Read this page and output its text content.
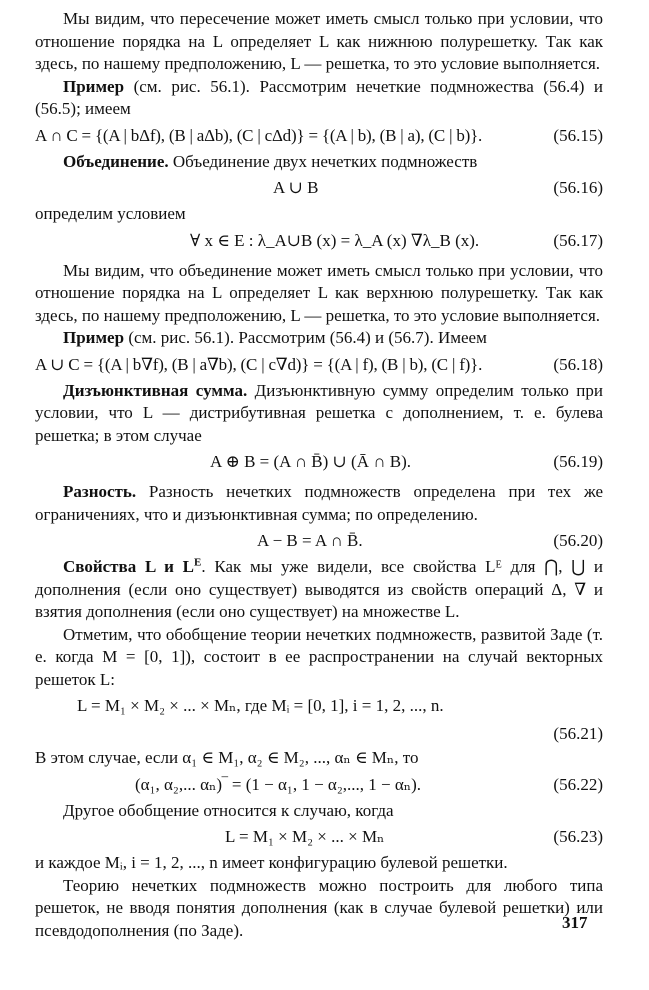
Мы видим, что пересечение может иметь смысл только при условии, что отношение порядка на L определяет L как нижнюю полурешетку. Так как здесь, по нашему предположению, L — решетка, то это условие выполняется.

Пример (см. рис. 56.1). Рассмотрим нечеткие подмножества (56.4) и (56.5); имеем

A ∩ C = {(A | bΔf), (B | aΔb), (C | cΔd)} = {(A | b), (B | a), (C | b)}.	(56.15)

Объединение. Объединение двух нечетких подмножеств

A ∪ B	(56.16)

определим условием

∀ x ∈ E : λ_A∪B (x) = λ_A (x) ∇λ_B (x).	(56.17)

Мы видим, что объединение может иметь смысл только при условии, что отношение порядка на L определяет L как верхнюю полурешетку. Так как здесь, по нашему предположению, L — решетка, то это условие выполняется.

Пример (см. рис. 56.1). Рассмотрим (56.4) и (56.7). Имеем

A ∪ C = {(A | b∇f), (B | a∇b), (C | c∇d)} = {(A | f), (B | b), (C | f)}.	(56.18)

Дизъюнктивная сумма. Дизъюнктивную сумму определим только при условии, что L — дистрибутивная решетка с дополнением, т. е. булева решетка; в этом случае

A ⊕ B = (A ∩ B̄) ∪ (Ā ∩ B).	(56.19)

Разность. Разность нечетких подмножеств определена при тех же ограничениях, что и дизъюнктивная сумма; по определению.

A − B = A ∩ B̄.	(56.20)

Свойства L и $L^E$. Как мы уже видели, все свойства Lᴱ для ⋂, ⋃ и дополнения (если оно существует) выводятся из свойств операций Δ, ∇ и взятия дополнения (если оно существует) на множестве L.

Отметим, что обобщение теории нечетких подмножеств, развитой Заде (т. е. когда M = [0, 1]), состоит в ее распространении на случай векторных решеток L:

L = M₁ × M₂ × ... × Mₙ, где Mᵢ = [0, 1], i = 1, 2, ..., n.
(56.21)

В этом случае, если α₁ ∈ M₁, α₂ ∈ M₂, ..., αₙ ∈ Mₙ, то

(α₁, α₂,... αₙ)‾ = (1 − α₁, 1 − α₂,..., 1 − αₙ).	(56.22)

Другое обобщение относится к случаю, когда

L = M₁ × M₂ × ... × Mₙ	(56.23)

и каждое Mᵢ, i = 1, 2, ..., n имеет конфигурацию булевой решетки.

Теорию нечетких подмножеств можно построить для любого типа решеток, не вводя понятия дополнения (как в случае булевой решетки) или псевдодополнения (по Заде).	317
